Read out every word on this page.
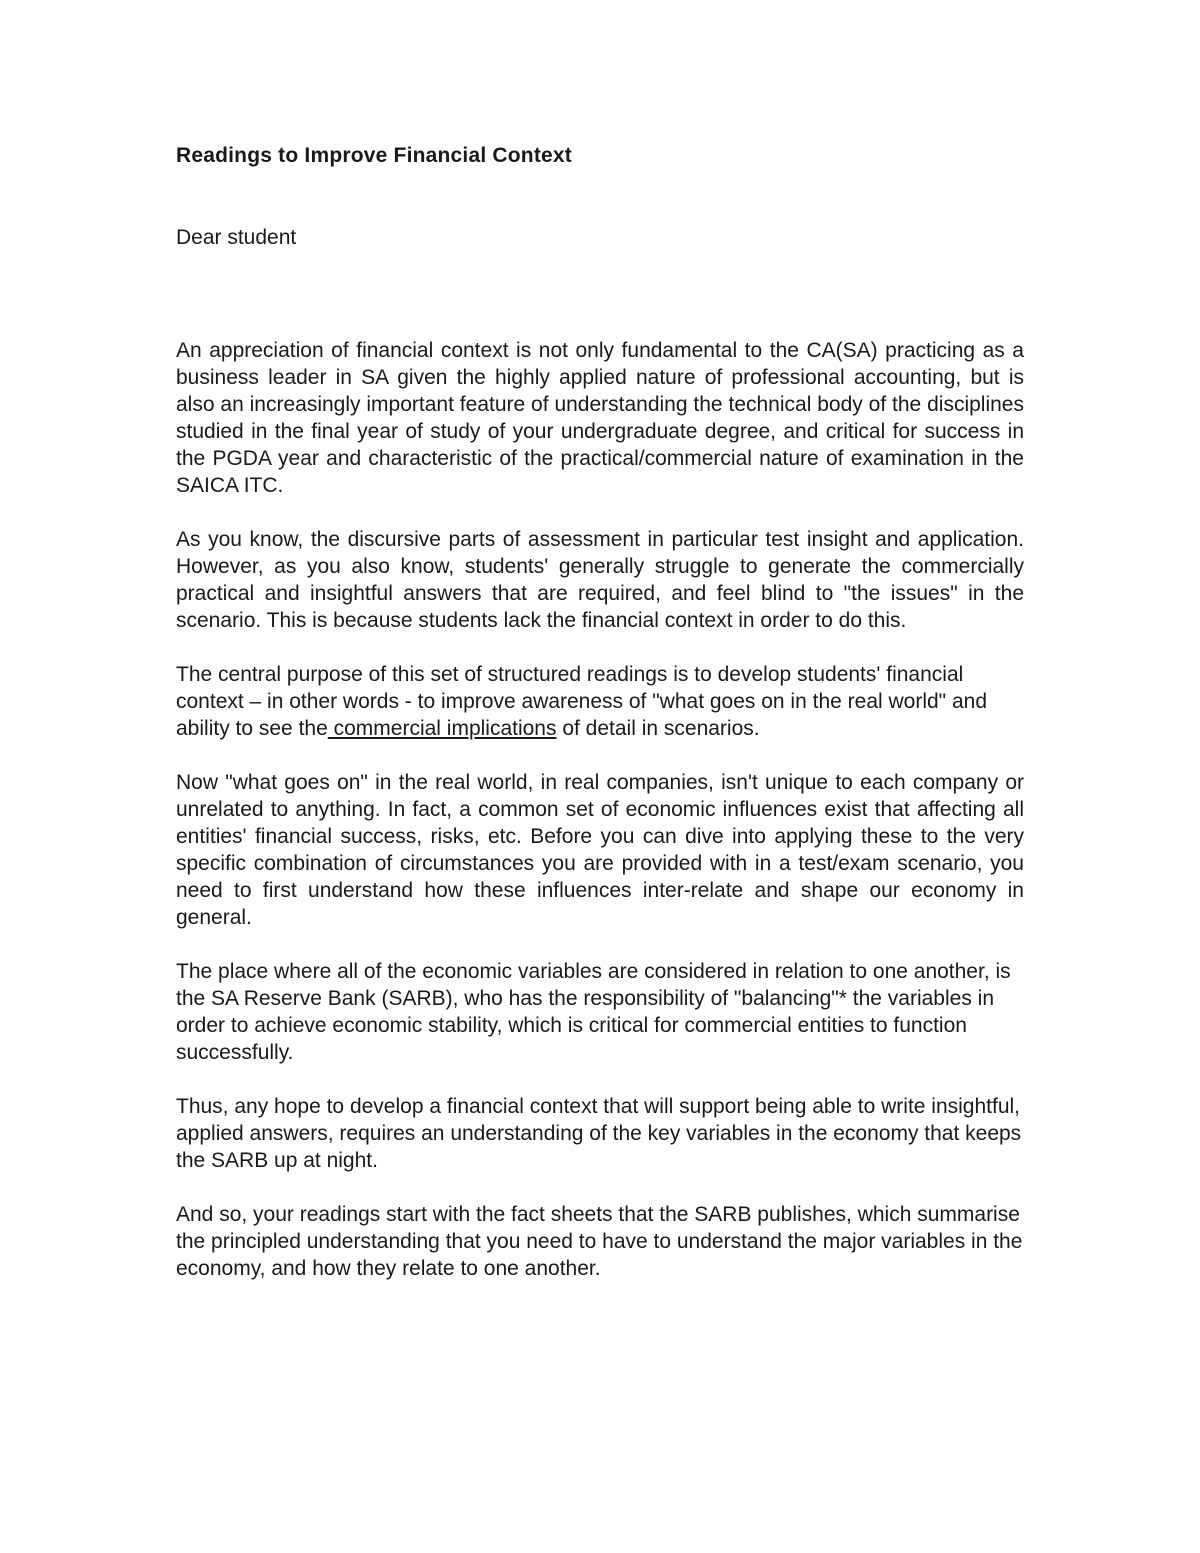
Readings to Improve Financial Context

Dear student

An appreciation of financial context is not only fundamental to the CA(SA) practicing as a business leader in SA given the highly applied nature of professional accounting, but is also an increasingly important feature of understanding the technical body of the disciplines studied in the final year of study of your undergraduate degree, and critical for success in the PGDA year and characteristic of the practical/commercial nature of examination in the SAICA ITC.

As you know, the discursive parts of assessment in particular test insight and application. However, as you also know, students' generally struggle to generate the commercially practical and insightful answers that are required, and feel blind to "the issues" in the scenario. This is because students lack the financial context in order to do this.

The central purpose of this set of structured readings is to develop students' financial context – in other words - to improve awareness of "what goes on in the real world" and ability to see the commercial implications of detail in scenarios.

Now "what goes on" in the real world, in real companies, isn't unique to each company or unrelated to anything. In fact, a common set of economic influences exist that affecting all entities' financial success, risks, etc. Before you can dive into applying these to the very specific combination of circumstances you are provided with in a test/exam scenario, you need to first understand how these influences inter-relate and shape our economy in general.

The place where all of the economic variables are considered in relation to one another, is the SA Reserve Bank (SARB), who has the responsibility of "balancing"* the variables in order to achieve economic stability, which is critical for commercial entities to function successfully.

Thus, any hope to develop a financial context that will support being able to write insightful, applied answers, requires an understanding of the key variables in the economy that keeps the SARB up at night.

And so, your readings start with the fact sheets that the SARB publishes, which summarise the principled understanding that you need to have to understand the major variables in the economy, and how they relate to one another.
